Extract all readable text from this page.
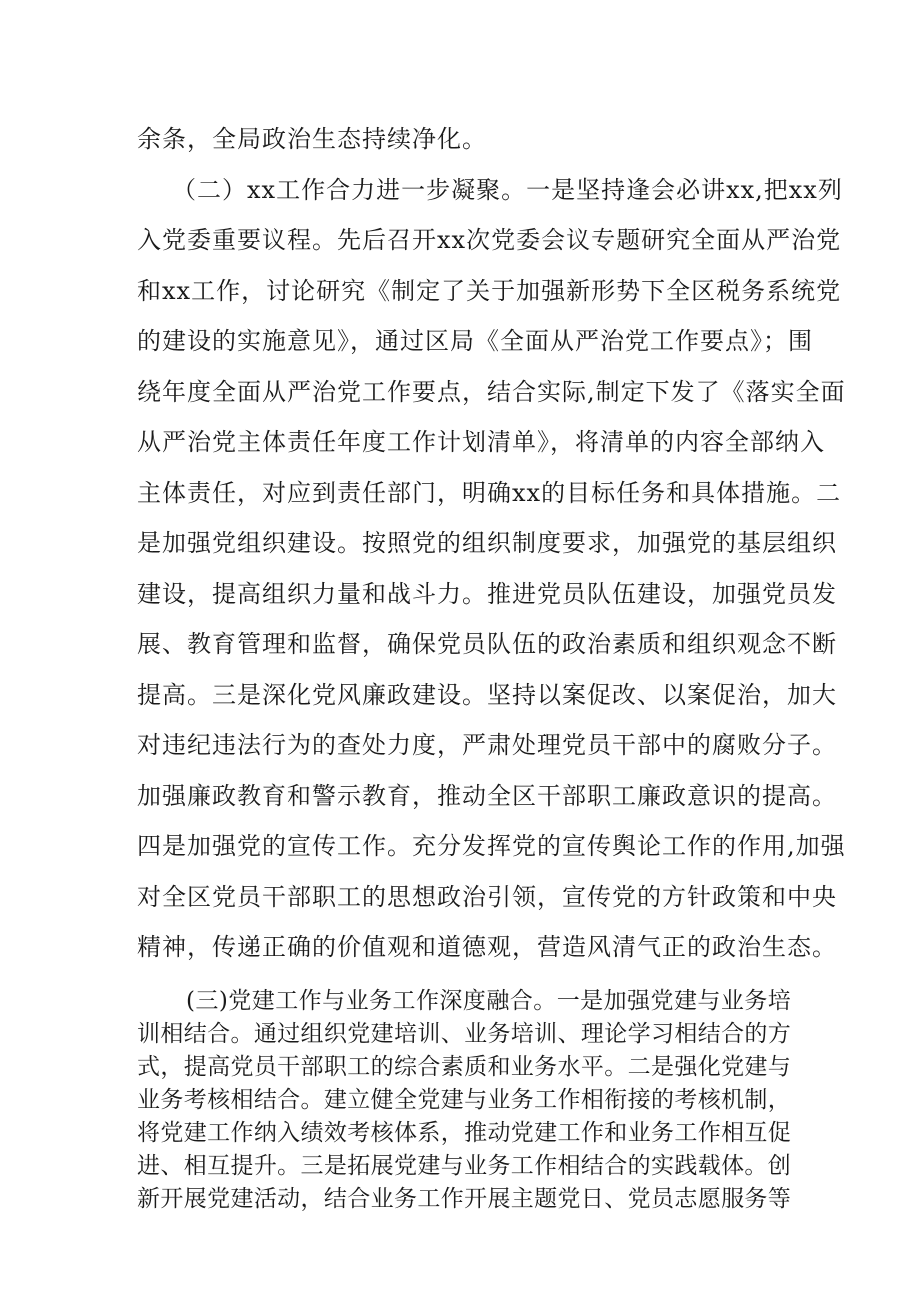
余条，全局政治生态持续净化。

（二）xx工作合力进一步凝聚。一是坚持逢会必讲xx,把xx列

入党委重要议程。先后召开xx次党委会议专题研究全面从严治党

和xx工作，讨论研究《制定了关于加强新形势下全区税务系统党

的建设的实施意见》，通过区局《全面从严治党工作要点》；围

绕年度全面从严治党工作要点，结合实际,制定下发了《落实全面

从严治党主体责任年度工作计划清单》，将清单的内容全部纳入

主体责任，对应到责任部门，明确xx的目标任务和具体措施。二

是加强党组织建设。按照党的组织制度要求，加强党的基层组织

建设，提高组织力量和战斗力。推进党员队伍建设，加强党员发

展、教育管理和监督，确保党员队伍的政治素质和组织观念不断

提高。三是深化党风廉政建设。坚持以案促改、以案促治，加大

对违纪违法行为的查处力度，严肃处理党员干部中的腐败分子。

加强廉政教育和警示教育，推动全区干部职工廉政意识的提高。

四是加强党的宣传工作。充分发挥党的宣传舆论工作的作用,加强

对全区党员干部职工的思想政治引领，宣传党的方针政策和中央

精神，传递正确的价值观和道德观，营造风清气正的政治生态。

(三)党建工作与业务工作深度融合。一是加强党建与业务培

训相结合。通过组织党建培训、业务培训、理论学习相结合的方

式，提高党员干部职工的综合素质和业务水平。二是强化党建与

业务考核相结合。建立健全党建与业务工作相衔接的考核机制，

将党建工作纳入绩效考核体系，推动党建工作和业务工作相互促

进、相互提升。三是拓展党建与业务工作相结合的实践载体。创

新开展党建活动，结合业务工作开展主题党日、党员志愿服务等
